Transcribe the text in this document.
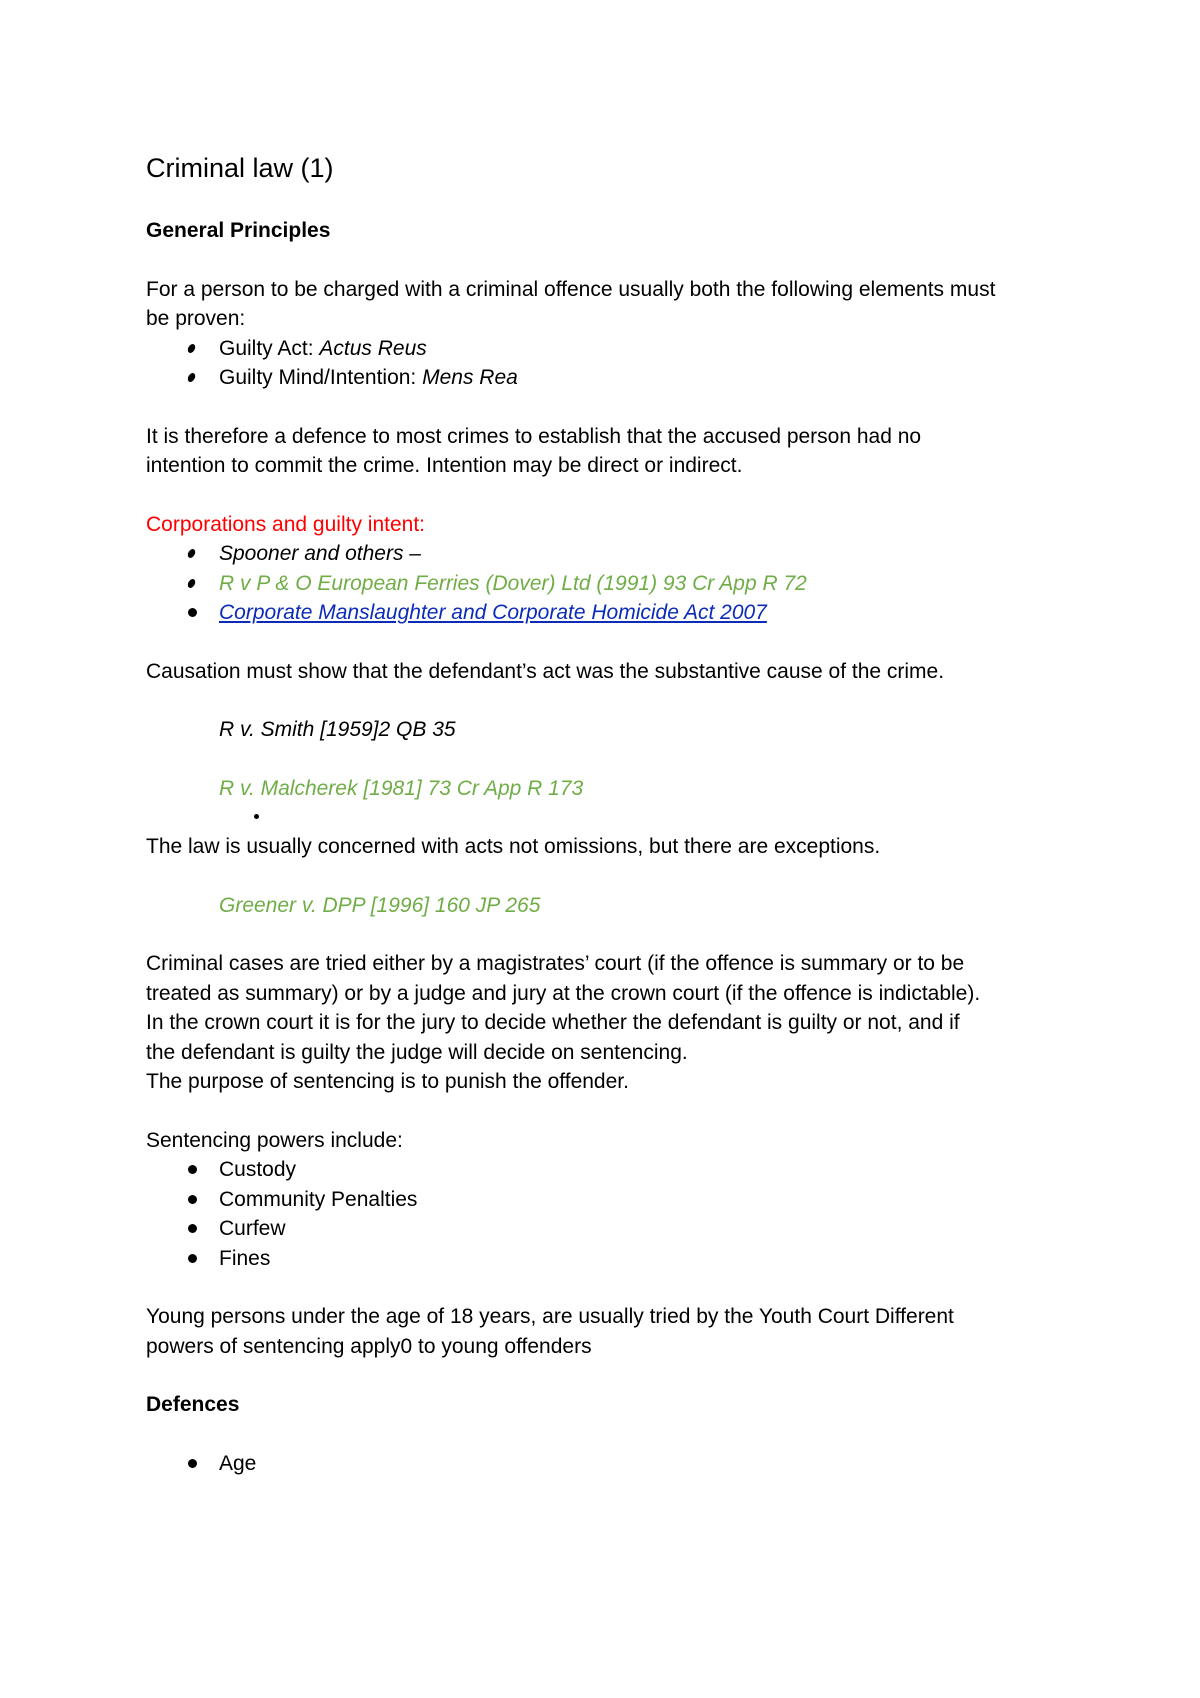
Criminal law (1)
General Principles

For a person to be charged with a criminal offence usually both the following elements must

be proven:

Guilty Act: Actus Reus
Guilty Mind/Intention: Mens Rea

It is therefore a defence to most crimes to establish that the accused person had no

intention to commit the crime. Intention may be direct or indirect.

Corporations and guilty intent:

Spooner and others –
R v P & O European Ferries (Dover) Ltd (1991) 93 Cr App R 72
Corporate Manslaughter and Corporate Homicide Act 2007

Causation must show that the defendant’s act was the substantive cause of the crime.

R v. Smith [1959]2 QB 35

R v. Malcherek [1981] 73 Cr App R 173

The law is usually concerned with acts not omissions, but there are exceptions.

Greener v. DPP [1996] 160 JP 265

Criminal cases are tried either by a magistrates’ court (if the offence is summary or to be

treated as summary) or by a judge and jury at the crown court (if the offence is indictable).

In the crown court it is for the jury to decide whether the defendant is guilty or not, and if

the defendant is guilty the judge will decide on sentencing.

The purpose of sentencing is to punish the offender.

Sentencing powers include:

Custody
Community Penalties
Curfew
Fines

Young persons under the age of 18 years, are usually tried by the Youth Court Different

powers of sentencing apply0 to young offenders

Defences
Age
